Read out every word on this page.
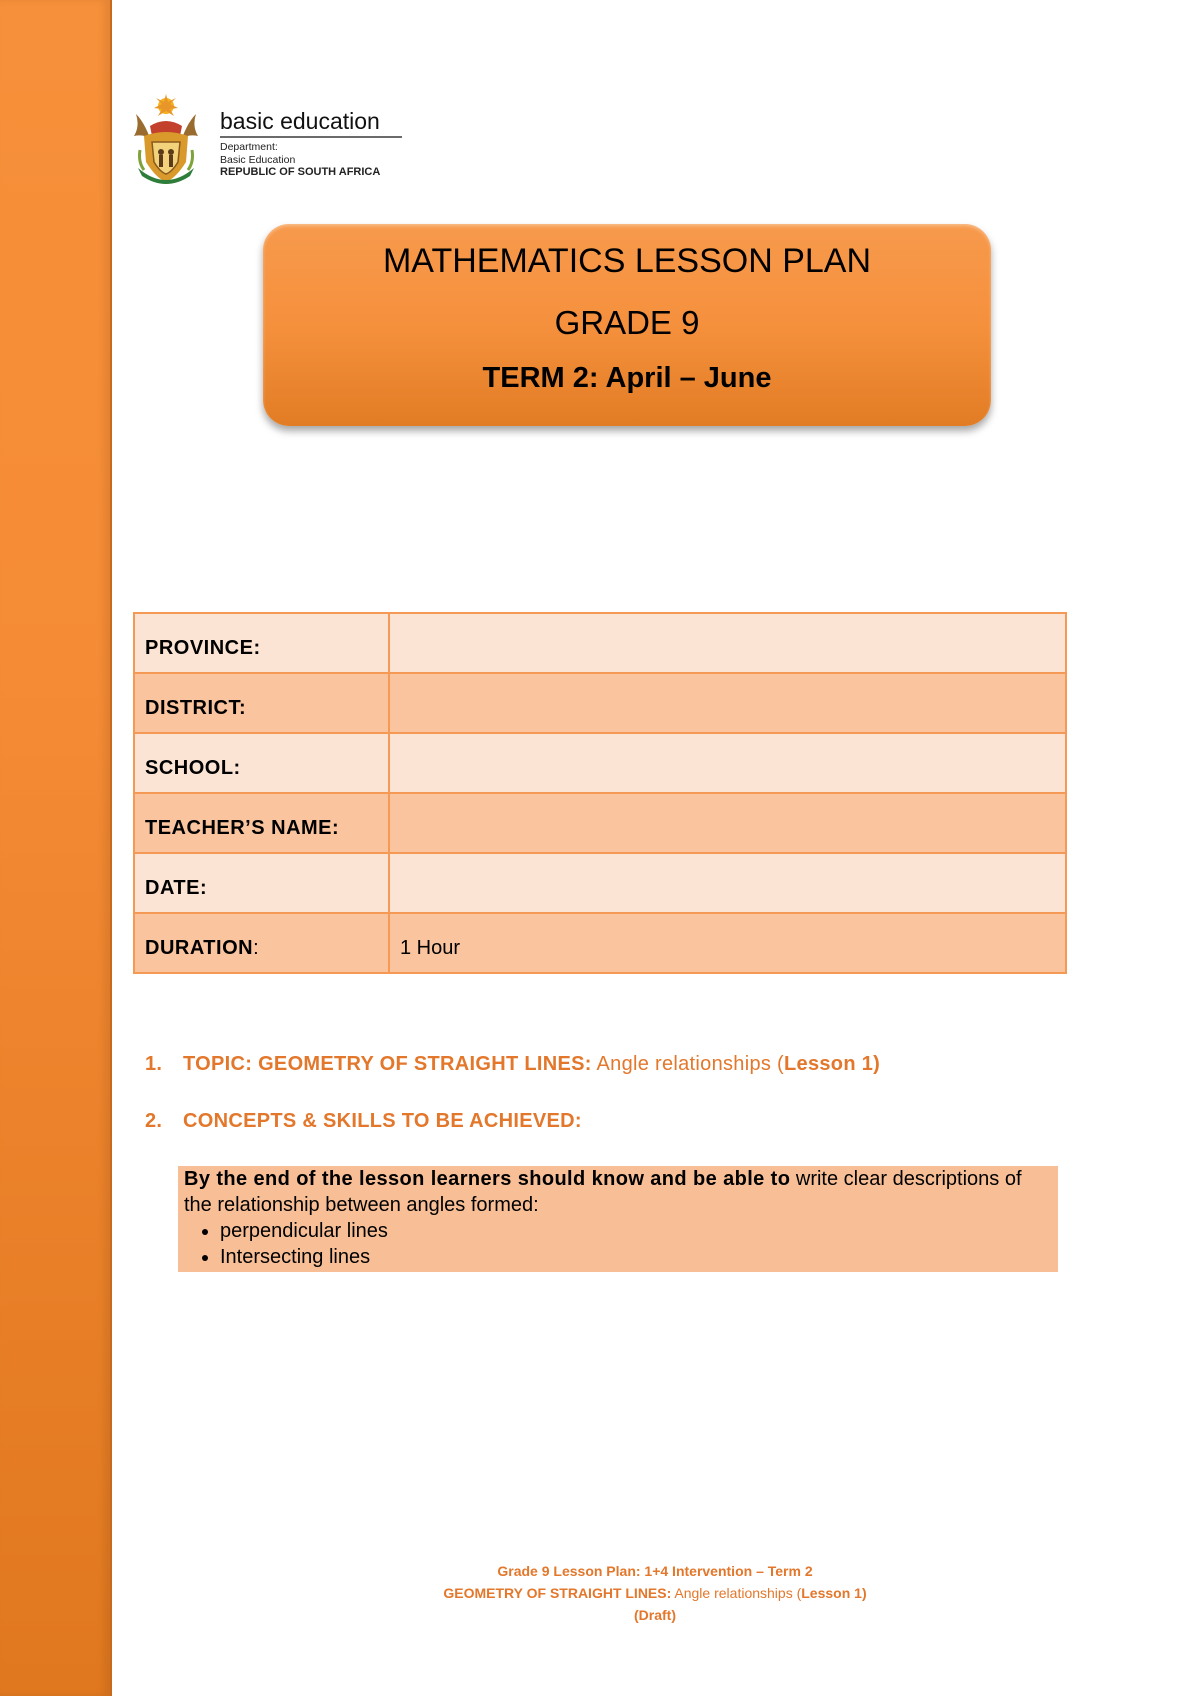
basic education
Department:
Basic Education
REPUBLIC OF SOUTH AFRICA
MATHEMATICS LESSON PLAN
GRADE 9
TERM 2: April – June
PROVINCE:	
DISTRICT:	
SCHOOL:	
TEACHER’S NAME:	
DATE:	
DURATION:	1 Hour
1. TOPIC: GEOMETRY OF STRAIGHT LINES: Angle relationships (Lesson 1)
2. CONCEPTS & SKILLS TO BE ACHIEVED:
By the end of the lesson learners should know and be able to write clear descriptions of the relationship between angles formed:
• perpendicular lines
• Intersecting lines
Grade 9 Lesson Plan: 1+4 Intervention – Term 2
GEOMETRY OF STRAIGHT LINES: Angle relationships (Lesson 1)
(Draft)
